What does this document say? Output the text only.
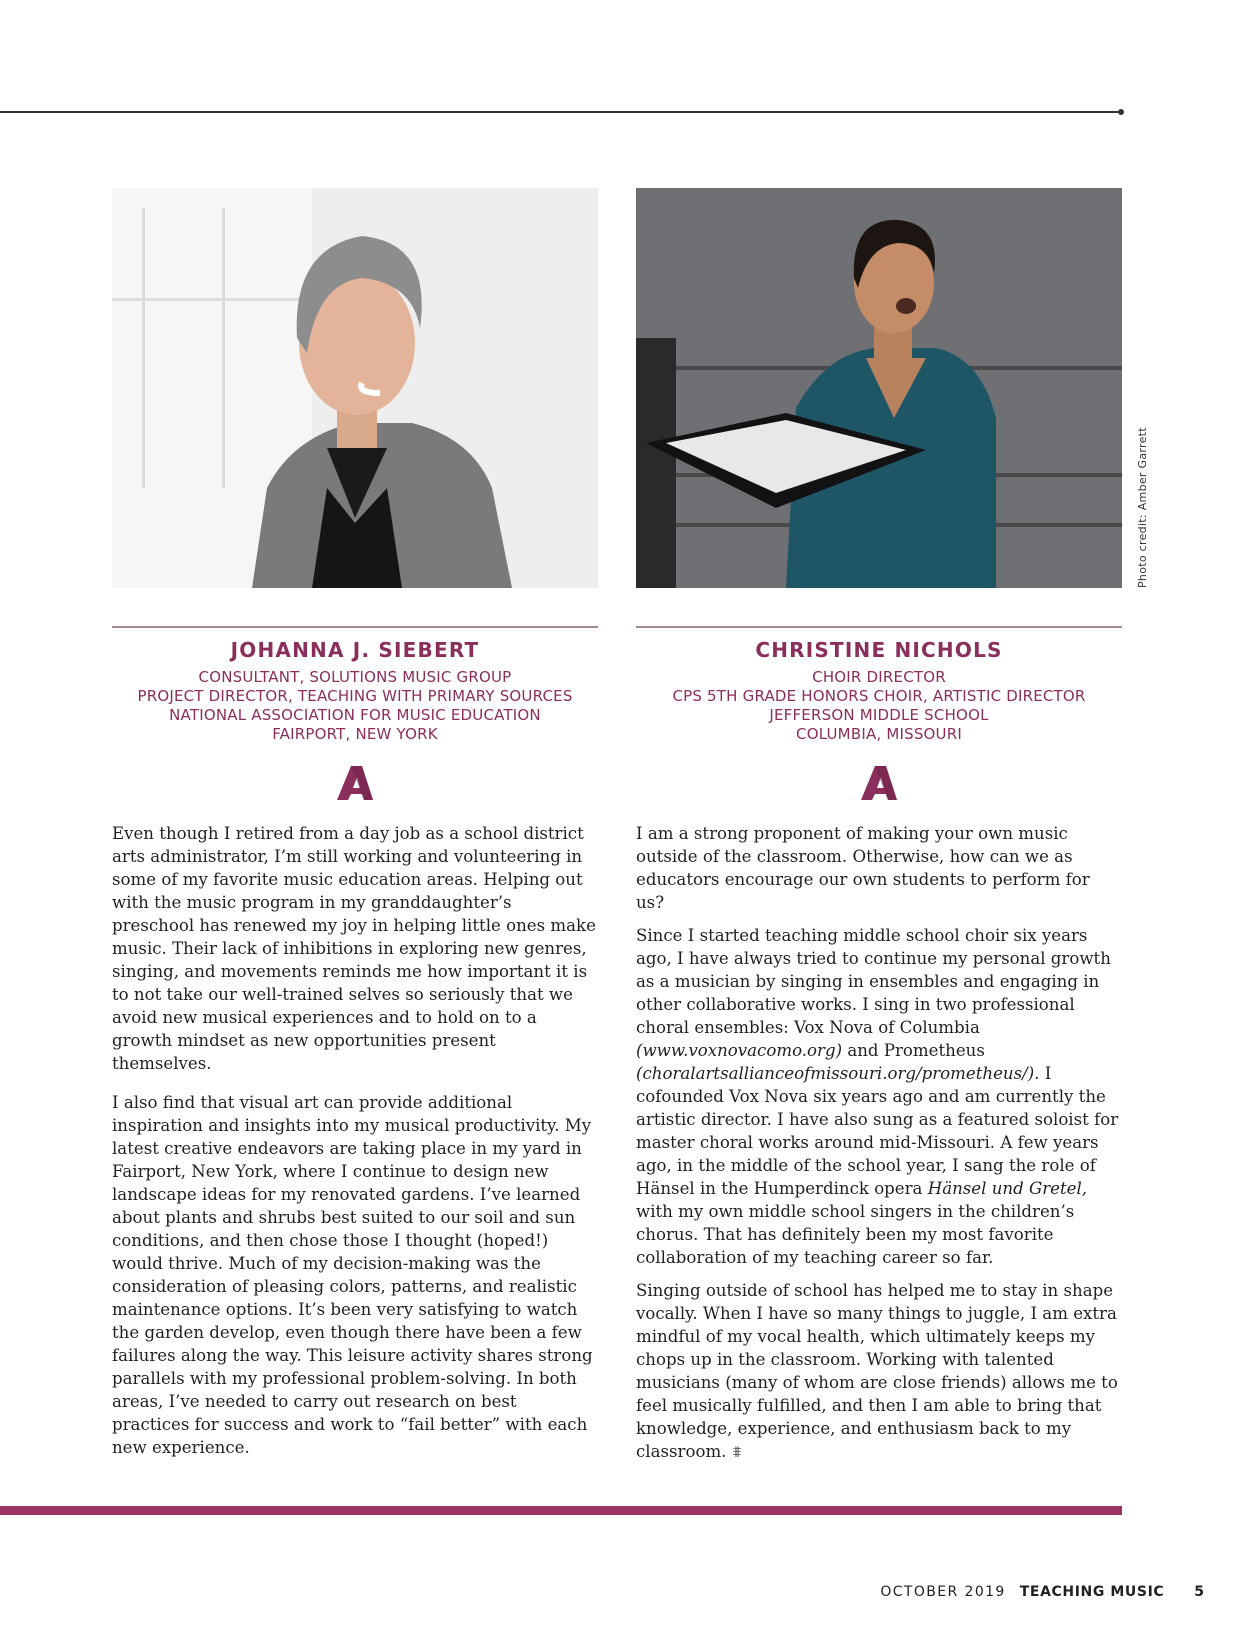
JOHANNA J. SIEBERT
CONSULTANT, SOLUTIONS MUSIC GROUP
PROJECT DIRECTOR, TEACHING WITH PRIMARY SOURCES
NATIONAL ASSOCIATION FOR MUSIC EDUCATION
FAIRPORT, NEW YORK

Even though I retired from a day job as a school district arts administrator, I’m still working and volunteering in some of my favorite music education areas. Helping out with the music program in my granddaughter’s preschool has renewed my joy in helping little ones make music. Their lack of inhibitions in exploring new genres, singing, and movements reminds me how important it is to not take our well-trained selves so seriously that we avoid new musical experiences and to hold on to a growth mindset as new opportunities present themselves.

I also find that visual art can provide additional inspiration and insights into my musical productivity. My latest creative endeavors are taking place in my yard in Fairport, New York, where I continue to design new landscape ideas for my renovated gardens. I’ve learned about plants and shrubs best suited to our soil and sun conditions, and then chose those I thought (hoped!) would thrive. Much of my decision-making was the consideration of pleasing colors, patterns, and realistic maintenance options. It’s been very satisfying to watch the garden develop, even though there have been a few failures along the way. This leisure activity shares strong parallels with my professional problem-solving. In both areas, I’ve needed to carry out research on best practices for success and work to “fail better” with each new experience.

CHRISTINE NICHOLS
CHOIR DIRECTOR
CPS 5TH GRADE HONORS CHOIR, ARTISTIC DIRECTOR
JEFFERSON MIDDLE SCHOOL
COLUMBIA, MISSOURI

I am a strong proponent of making your own music outside of the classroom. Otherwise, how can we as educators encourage our own students to perform for us?

Since I started teaching middle school choir six years ago, I have always tried to continue my personal growth as a musician by singing in ensembles and engaging in other collaborative works. I sing in two professional choral ensembles: Vox Nova of Columbia (www.voxnovacomo.org) and Prometheus (choralartsallianceofmissouri.org/prometheus/). I cofounded Vox Nova six years ago and am currently the artistic director. I have also sung as a featured soloist for master choral works around mid-Missouri. A few years ago, in the middle of the school year, I sang the role of Hänsel in the Humperdinck opera Hänsel und Gretel, with my own middle school singers in the children’s chorus. That has definitely been my most favorite collaboration of my teaching career so far.

Singing outside of school has helped me to stay in shape vocally. When I have so many things to juggle, I am extra mindful of my vocal health, which ultimately keeps my chops up in the classroom. Working with talented musicians (many of whom are close friends) allows me to feel musically fulfilled, and then I am able to bring that knowledge, experience, and enthusiasm back to my classroom. ⩨

Photo credit: Amber Garrett
OCTOBER 2019 TEACHING MUSIC 5
